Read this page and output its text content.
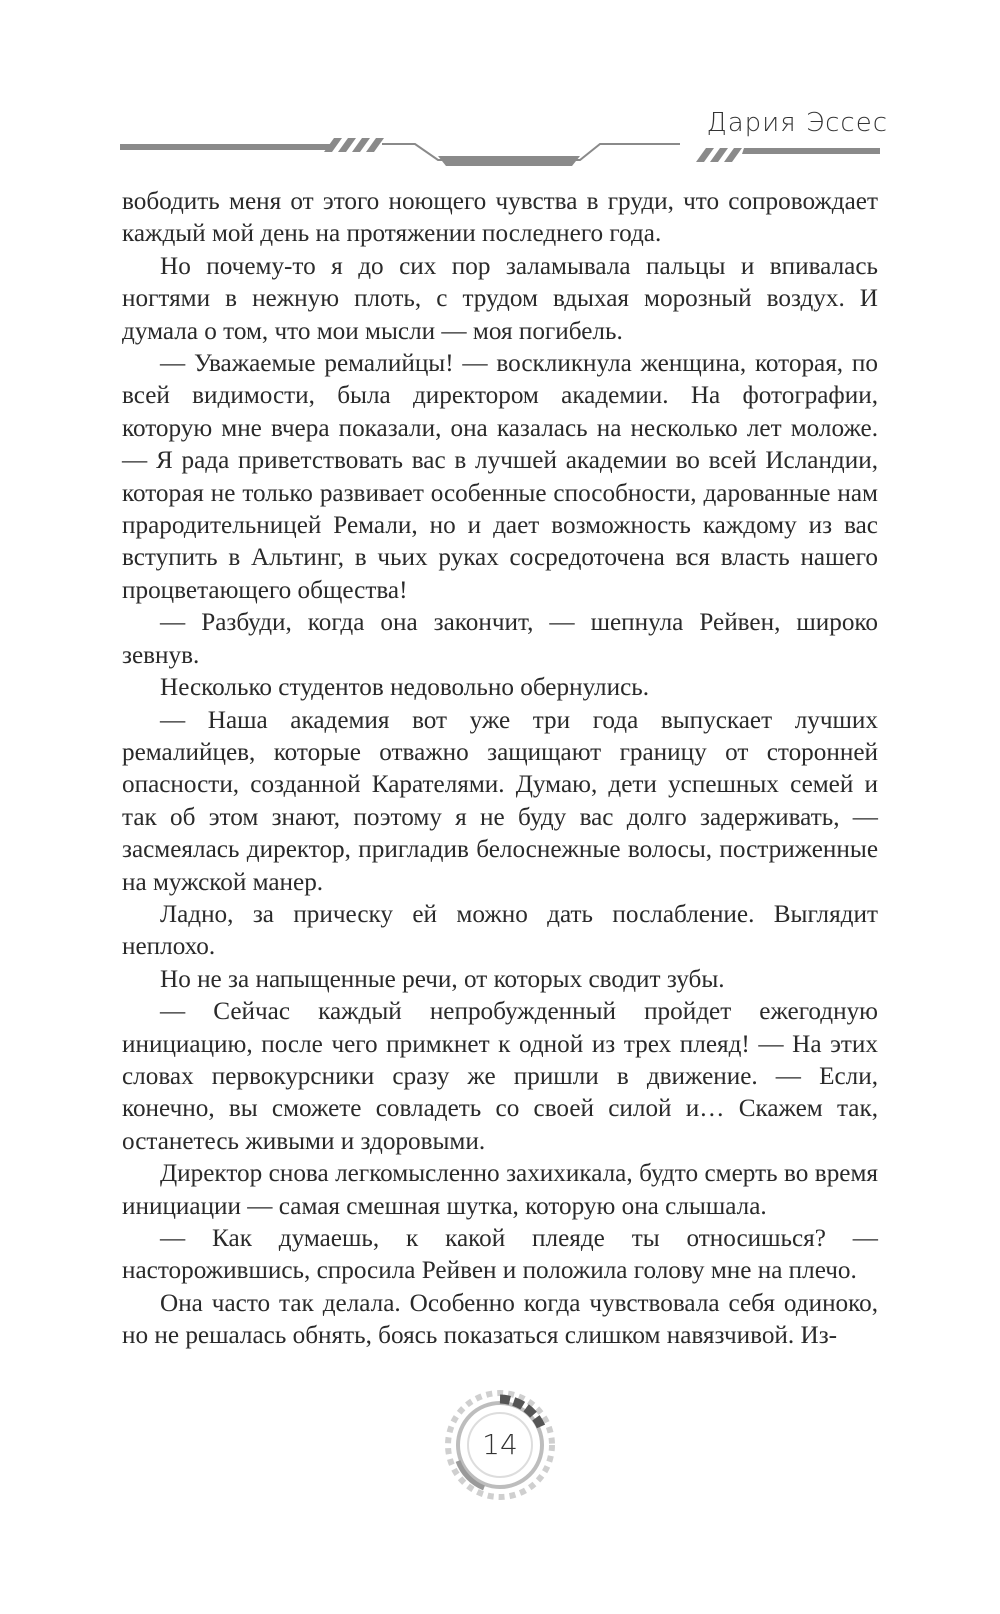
Дария Эссес

вободить меня от этого ноющего чувства в груди, что сопровождает каждый мой день на протяжении последнего года.

Но почему-то я до сих пор заламывала пальцы и впивалась ногтями в нежную плоть, с трудом вдыхая морозный воздух. И думала о том, что мои мысли — моя погибель.

— Уважаемые ремалийцы! — воскликнула женщина, которая, по всей видимости, была директором академии. На фотографии, которую мне вчера показали, она казалась на несколько лет моложе. — Я рада приветствовать вас в лучшей академии во всей Исландии, которая не только развивает особенные способности, дарованные нам прародительницей Ремали, но и дает возможность каждому из вас вступить в Альтинг, в чьих руках сосредоточена вся власть нашего процветающего общества!

— Разбуди, когда она закончит, — шепнула Рейвен, широко зевнув.

Несколько студентов недовольно обернулись.

— Наша академия вот уже три года выпускает лучших ремалийцев, которые отважно защищают границу от сторонней опасности, созданной Карателями. Думаю, дети успешных семей и так об этом знают, поэтому я не буду вас долго задерживать, — засмеялась директор, пригладив белоснежные волосы, постриженные на мужской манер.

Ладно, за прическу ей можно дать послабление. Выглядит неплохо.

Но не за напыщенные речи, от которых сводит зубы.

— Сейчас каждый непробужденный пройдет ежегодную инициацию, после чего примкнет к одной из трех плеяд! — На этих словах первокурсники сразу же пришли в движение. — Если, конечно, вы сможете совладеть со своей силой и… Скажем так, останетесь живыми и здоровыми.

Директор снова легкомысленно захихикала, будто смерть во время инициации — самая смешная шутка, которую она слышала.

— Как думаешь, к какой плеяде ты относишься? — насторожившись, спросила Рейвен и положила голову мне на плечо.

Она часто так делала. Особенно когда чувствовала себя одиноко, но не решалась обнять, боясь показаться слишком навязчивой. Из-

14
